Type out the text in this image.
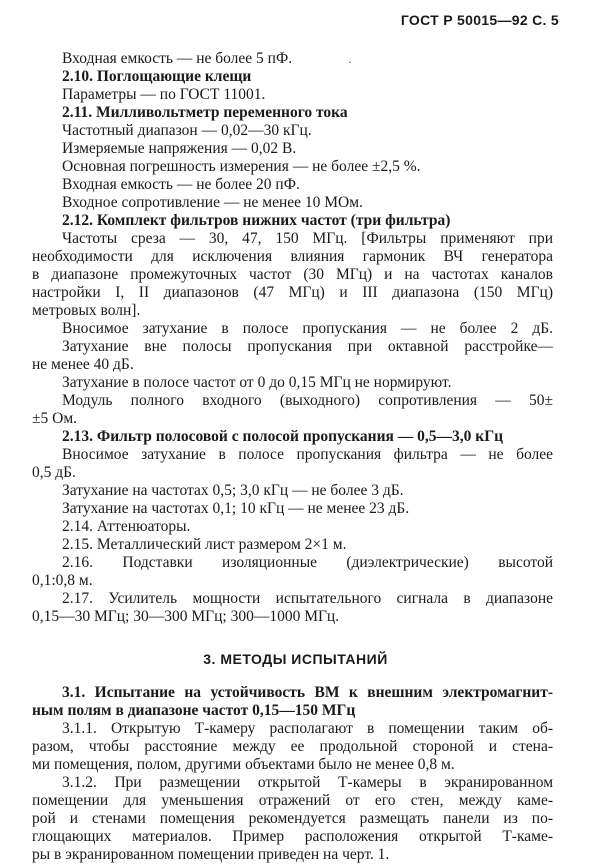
ГОСТ Р 50015—92 С. 5
·
Входная емкость — не более 5 пФ.
2.10. Поглощающие клещи
Параметры — по ГОСТ 11001.
2.11. Милливольтметр переменного тока
Частотный диапазон — 0,02—30 кГц.
Измеряемые напряжения — 0,02 В.
Основная погрешность измерения — не более ±2,5 %.
Входная емкость — не более 20 пФ.
Входное сопротивление — не менее 10 МОм.
2.12. Комплект фильтров нижних частот (три фильтра)
Частоты среза — 30, 47, 150 МГц. [Фильтры применяют при
необходимости для исключения влияния гармоник ВЧ генератора
в диапазоне промежуточных частот (30 МГц) и на частотах каналов
настройки I, II диапазонов (47 МГц) и III диапазона (150 МГц)
метровых волн].
Вносимое затухание в полосе пропускания — не более 2 дБ.
Затухание вне полосы пропускания при октавной расстройке—
не менее 40 дБ.
Затухание в полосе частот от 0 до 0,15 МГц не нормируют.
Модуль полного входного (выходного) сопротивления — 50±
±5 Ом.
2.13. Фильтр полосовой с полосой пропускания — 0,5—3,0 кГц
Вносимое затухание в полосе пропускания фильтра — не более
0,5 дБ.
Затухание на частотах 0,5; 3,0 кГц — не более 3 дБ.
Затухание на частотах 0,1; 10 кГц — не менее 23 дБ.
2.14. Аттенюаторы.
2.15. Металлический лист размером 2×1 м.
2.16. Подставки изоляционные (диэлектрические) высотой
0,1:0,8 м.
2.17. Усилитель мощности испытательного сигнала в диапазоне
0,15—30 МГц; 30—300 МГц; 300—1000 МГц.
3. МЕТОДЫ ИСПЫТАНИЙ
3.1. Испытание на устойчивость ВМ к внешним электромагнит-
ным полям в диапазоне частот 0,15—150 МГц
3.1.1. Открытую Т-камеру располагают в помещении таким об-
разом, чтобы расстояние между ее продольной стороной и стена-
ми помещения, полом, другими объектами было не менее 0,8 м.
3.1.2. При размещении открытой Т-камеры в экранированном
помещении для уменьшения отражений от его стен, между каме-
рой и стенами помещения рекомендуется размещать панели из по-
глощающих материалов. Пример расположения открытой Т-каме-
ры в экранированном помещении приведен на черт. 1.
